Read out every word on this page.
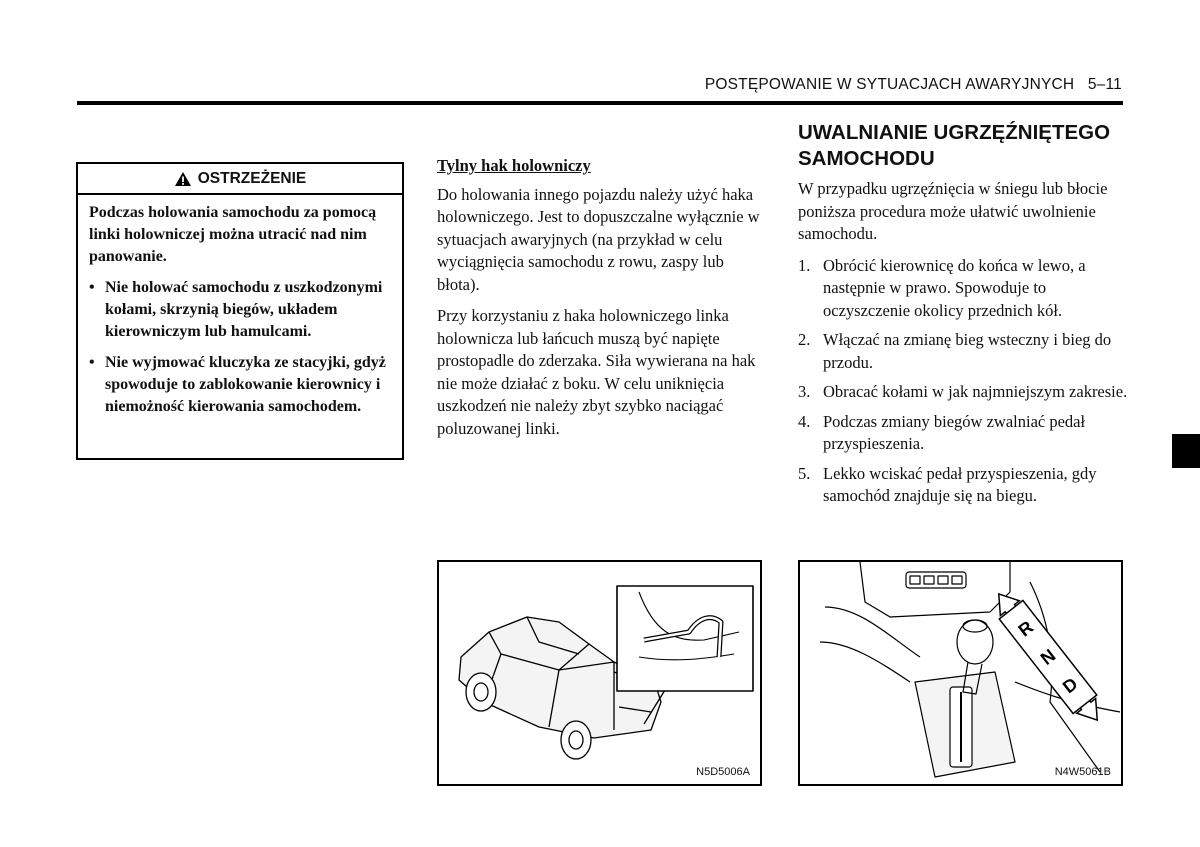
POSTĘPOWANIE W SYTUACJACH AWARYJNYCH 5–11
OSTRZEŻENIE

Podczas holowania samochodu za pomocą linki holowniczej można utracić nad nim panowanie.

• Nie holować samochodu z uszkodzonymi kołami, skrzynią biegów, układem kierowniczym lub hamulcami.
• Nie wyjmować kluczyka ze stacyjki, gdyż spowoduje to zablokowanie kierownicy i niemożność kierowania samochodem.
Tylny hak holowniczy

Do holowania innego pojazdu należy użyć haka holowniczego. Jest to dopuszczalne wyłącznie w sytuacjach awaryjnych (na przykład w celu wyciągnięcia samochodu z rowu, zaspy lub błota).

Przy korzystaniu z haka holowniczego linka holownicza lub łańcuch muszą być napięte prostopadle do zderzaka. Siła wywierana na hak nie może działać z boku. W celu uniknięcia uszkodzeń nie należy zbyt szybko naciągać poluzowanej linki.

UWALNIANIE UGRZĘŹNIĘTEGO SAMOCHODU

W przypadku ugrzęźnięcia w śniegu lub błocie poniższa procedura może ułatwić uwolnienie samochodu.

1. Obrócić kierownicę do końca w lewo, a następnie w prawo. Spowoduje to oczyszczenie okolicy przednich kół.
2. Włączać na zmianę bieg wsteczny i bieg do przodu.
3. Obracać kołami w jak najmniejszym zakresie.
4. Podczas zmiany biegów zwalniać pedał przyspieszenia.
5. Lekko wciskać pedał przyspieszenia, gdy samochód znajduje się na biegu.
N5D5006A
R
N
D
N4W5061B
